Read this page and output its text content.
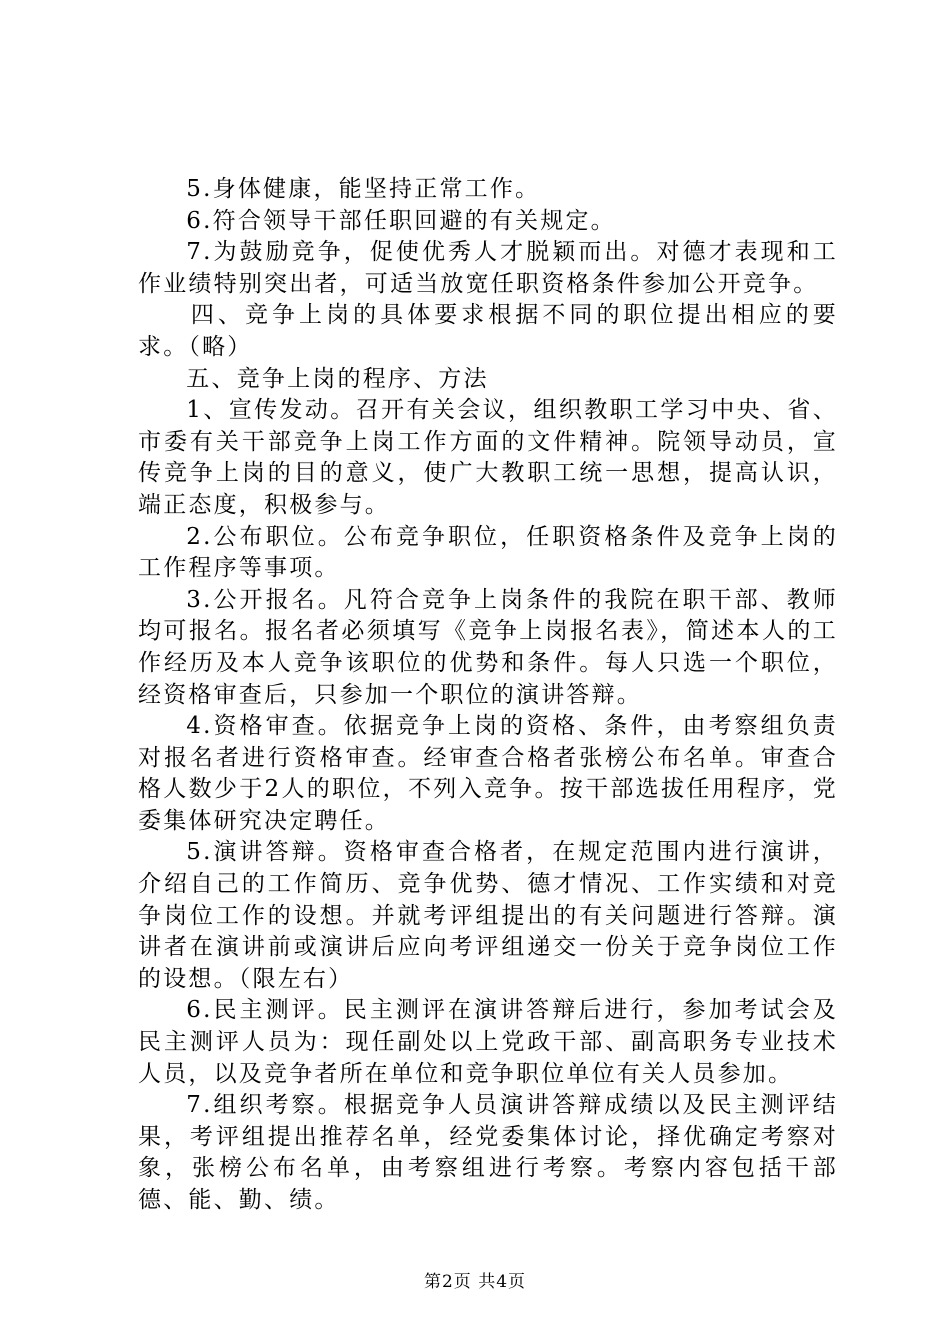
5.身体健康，能坚持正常工作。

6.符合领导干部任职回避的有关规定。

7.为鼓励竞争，促使优秀人才脱颖而出。对德才表现和工作业绩特别突出者，可适当放宽任职资格条件参加公开竞争。

四、竞争上岗的具体要求根据不同的职位提出相应的要求。（略）

五、竞争上岗的程序、方法

1、宣传发动。召开有关会议，组织教职工学习中央、省、市委有关干部竞争上岗工作方面的文件精神。院领导动员，宣传竞争上岗的目的意义，使广大教职工统一思想，提高认识，端正态度，积极参与。

2.公布职位。公布竞争职位，任职资格条件及竞争上岗的工作程序等事项。

3.公开报名。凡符合竞争上岗条件的我院在职干部、教师均可报名。报名者必须填写《竞争上岗报名表》，简述本人的工作经历及本人竞争该职位的优势和条件。每人只选一个职位，经资格审查后，只参加一个职位的演讲答辩。

4.资格审查。依据竞争上岗的资格、条件，由考察组负责对报名者进行资格审查。经审查合格者张榜公布名单。审查合格人数少于2人的职位，不列入竞争。按干部选拔任用程序，党委集体研究决定聘任。

5.演讲答辩。资格审查合格者，在规定范围内进行演讲，介绍自己的工作简历、竞争优势、德才情况、工作实绩和对竞争岗位工作的设想。并就考评组提出的有关问题进行答辩。演讲者在演讲前或演讲后应向考评组递交一份关于竞争岗位工作的设想。（限左右）

6.民主测评。民主测评在演讲答辩后进行，参加考试会及民主测评人员为：现任副处以上党政干部、副高职务专业技术人员，以及竞争者所在单位和竞争职位单位有关人员参加。

7.组织考察。根据竞争人员演讲答辩成绩以及民主测评结果，考评组提出推荐名单，经党委集体讨论，择优确定考察对象，张榜公布名单，由考察组进行考察。考察内容包括干部德、能、勤、绩。

第2页 共4页
